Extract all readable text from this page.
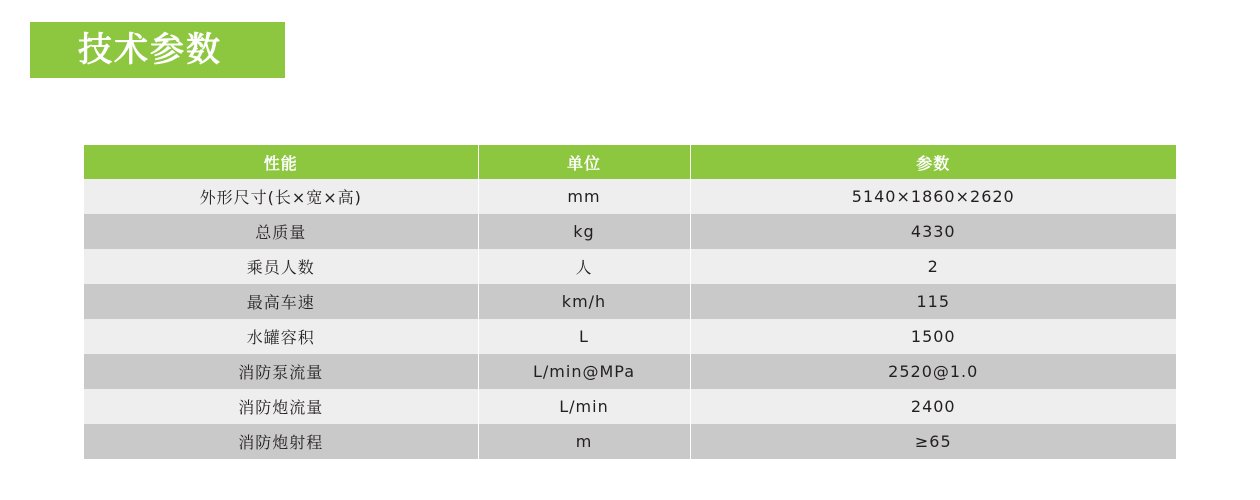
技术参数
性能	单位	参数
外形尺寸(长×宽×高)	mm	5140×1860×2620
总质量	kg	4330
乘员人数	人	2
最高车速	km/h	115
水罐容积	L	1500
消防泵流量	L/min@MPa	2520@1.0
消防炮流量	L/min	2400
消防炮射程	m	≥65
